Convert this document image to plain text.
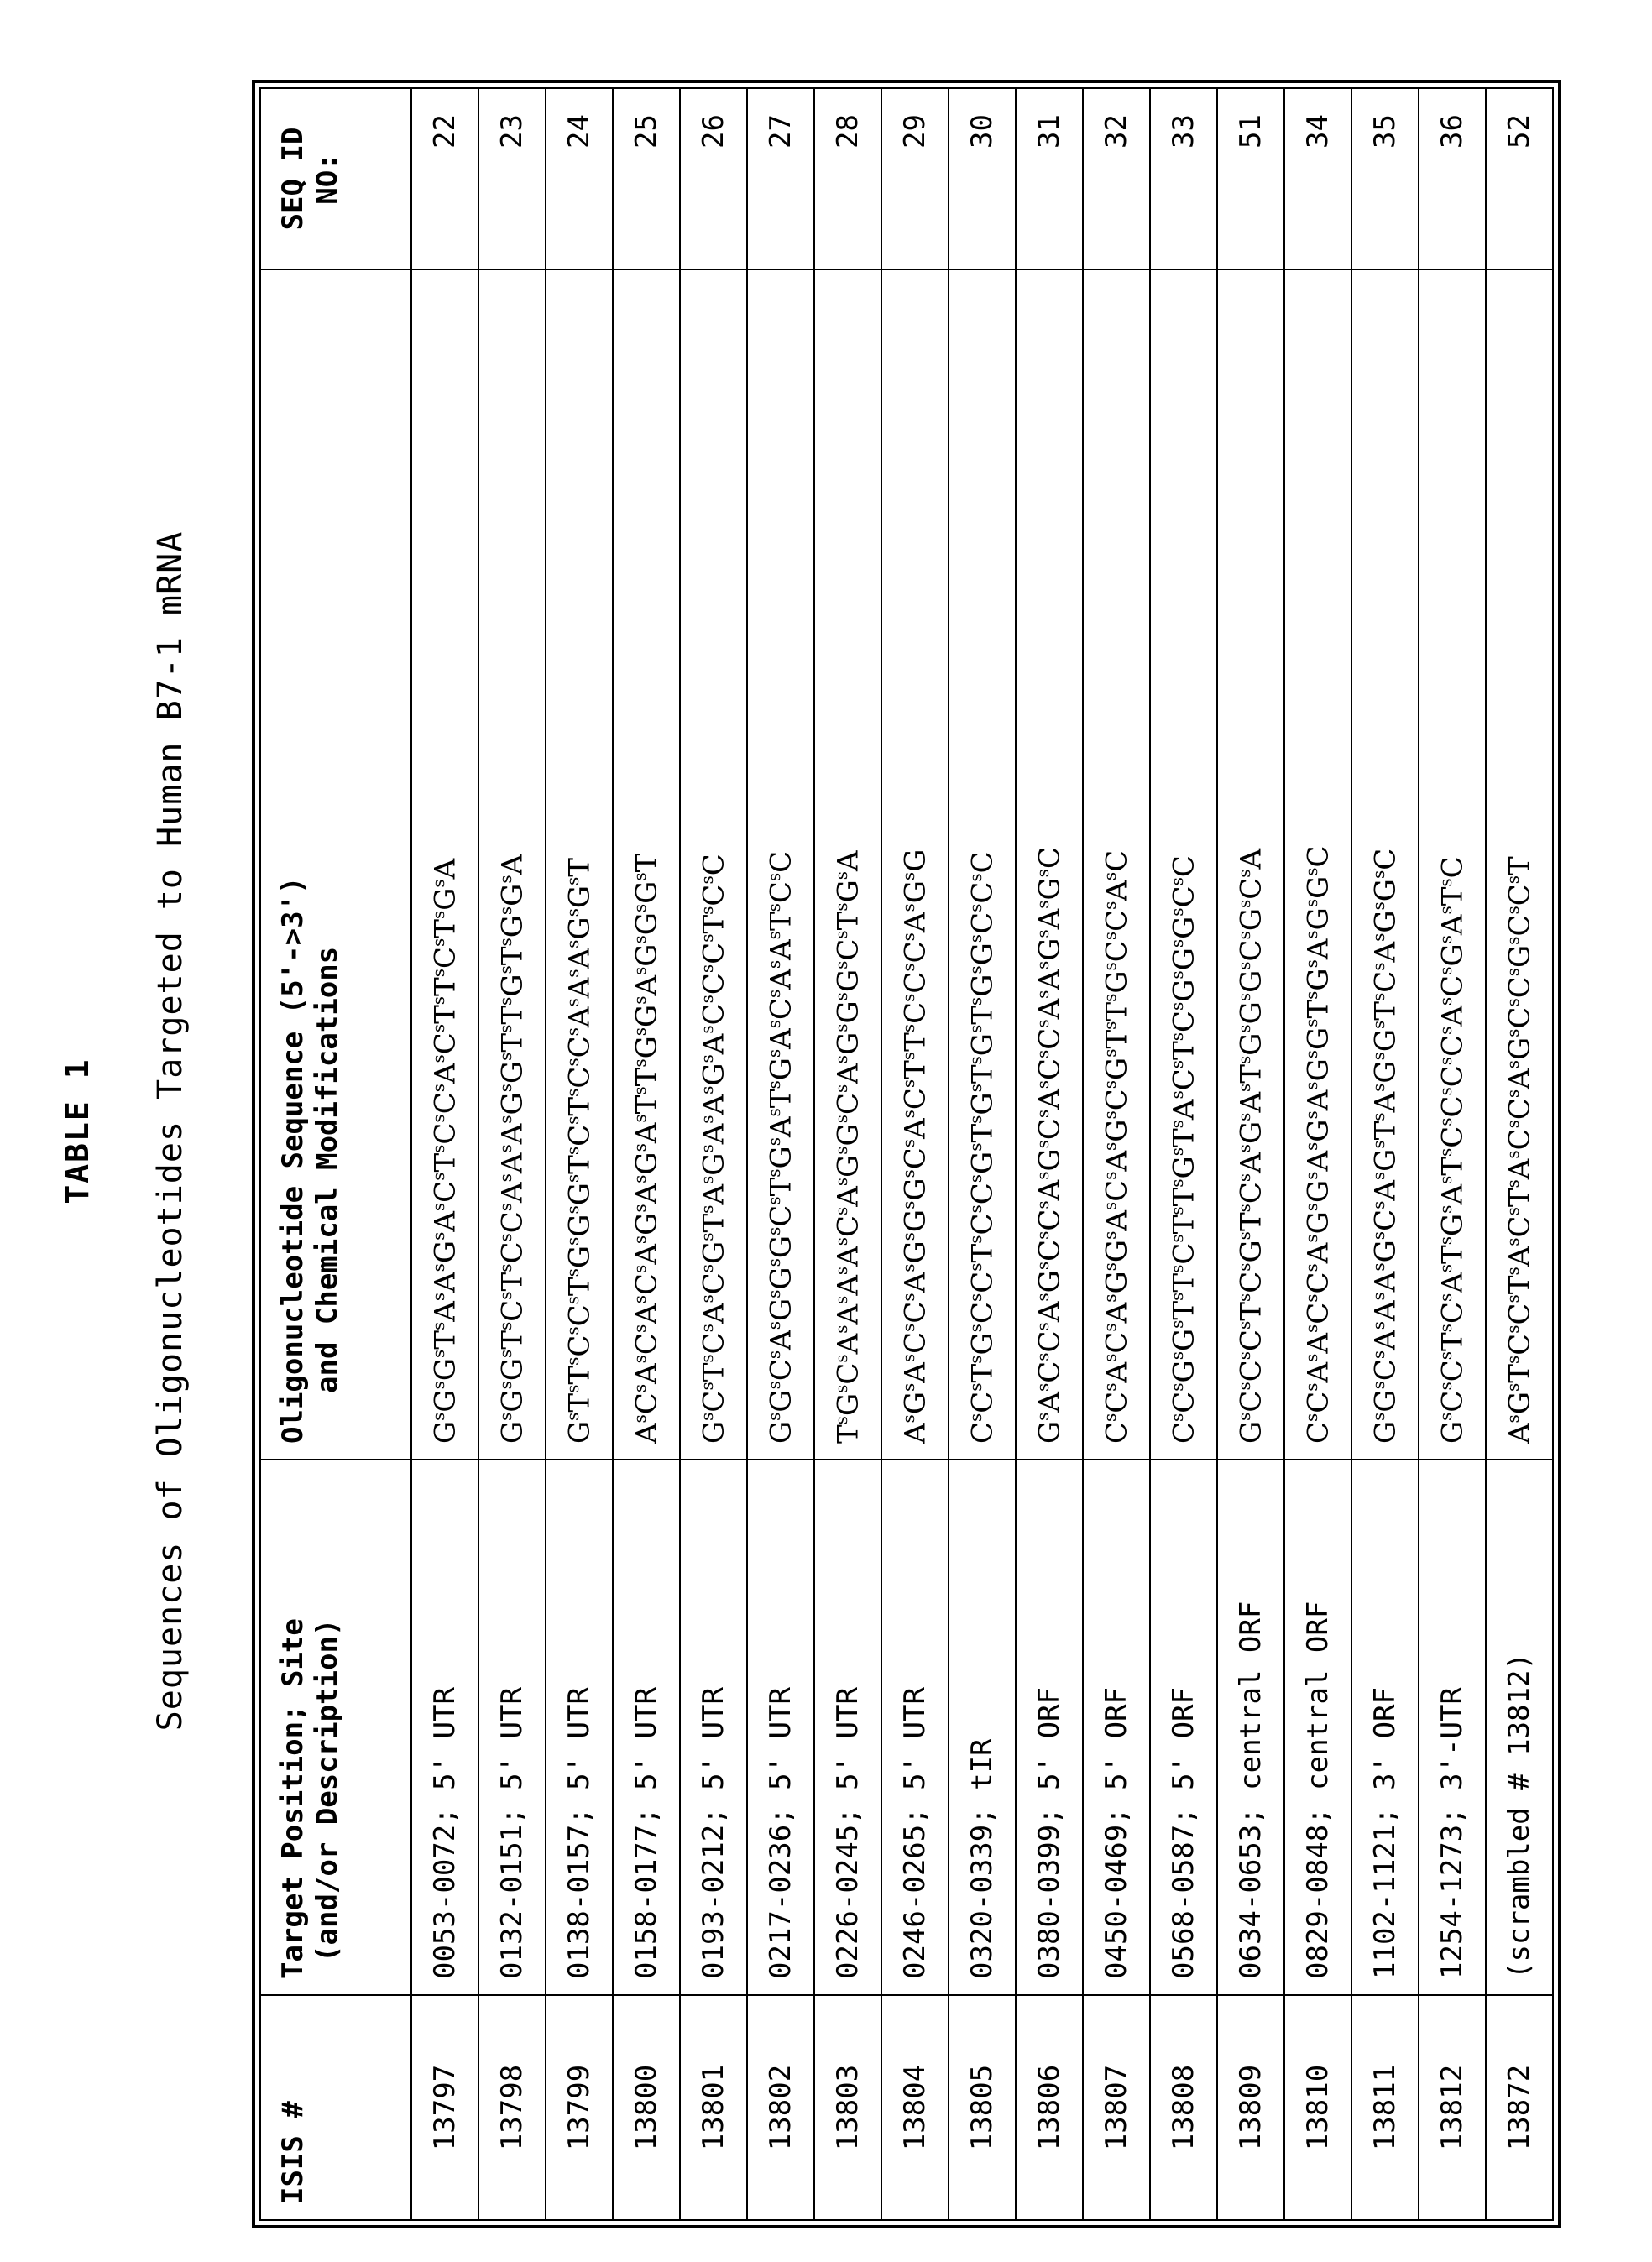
TABLE 1 Sequences of Oligonucleotides Targeted to Human B7-1 mRNA
ISIS #	
Target Position; Site (and/or Description)

Oligonucleotide Sequence (5'->3') and Chemical Modifications

SEQ ID NO:

13797	0053-0072; 5' UTR	$G^sG^sG^sT^sA^sA^sG^sA^sC^sT^sC^sC^sA^sC^sT^sT^sC^sT^sG^sA$	22
13798	0132-0151; 5' UTR	$G^sG^sG^sT^sC^sT^sC^sC^sA^sA^sA^sG^sG^sT^sT^sG^sT^sG^sG^sA$	23
13799	0138-0157; 5' UTR	$G^sT^sT^sC^sC^sT^sG^sG^sG^sT^sC^sT^sC^sC^sA^sA^sA^sG^sG^sT$	24
13800	0158-0177; 5' UTR	$A^sC^sA^sC^sA^sC^sA^sG^sA^sG^sA^sT^sT^sG^sG^sA^sG^sG^sG^sT$	25
13801	0193-0212; 5' UTR	$G^sC^sT^sC^sA^sC^sG^sT^sA^sG^sA^sA^sG^sA^sC^sC^sC^sT^sC^sC$	26
13802	0217-0236; 5' UTR	$G^sG^sC^sA^sG^sG^sG^sC^sT^sG^sA^sT^sG^sA^sC^sA^sA^sT^sC^sC$	27
13803	0226-0245; 5' UTR	$T^sG^sC^sA^sA^sA^sA^sC^sA^sG^sG^sC^sA^sG^sG^sG^sC^sT^sG^sA$	28
13804	0246-0265; 5' UTR	$A^sG^sA^sC^sC^sA^sG^sG^sG^sC^sA^sC^sT^sT^sC^sC^sC^sA^sG^sG$	29
13805	0320-0339; tIR	$C^sC^sT^sG^sC^sC^sT^sC^sC^sG^sT^sG^sT^sG^sT^sG^sG^sC^sC^sC$	30
13806	0380-0399; 5' ORF	$G^sA^sC^sC^sA^sG^sC^sC^sA^sG^sC^sA^sC^sC^sA^sA^sG^sA^sG^sC$	31
13807	0450-0469; 5' ORF	$C^sC^sA^sC^sA^sG^sG^sA^sC^sA^sG^sC^sG^sT^sT^sG^sC^sC^sA^sC$	32
13808	0568-0587; 5' ORF	$C^sC^sG^sG^sT^sT^sC^sT^sT^sG^sT^sA^sC^sT^sC^sG^sG^sG^sC^sC$	33
13809	0634-0653; central ORF	$G^sC^sC^sC^sT^sC^sG^sT^sC^sA^sG^sA^sT^sG^sG^sG^sC^sG^sC^sA$	51
13810	0829-0848; central ORF	$C^sC^sA^sA^sC^sC^sA^sG^sG^sA^sG^sA^sG^sG^sT^sG^sA^sG^sG^sC$	34
13811	1102-1121; 3' ORF	$G^sG^sC^sA^sA^sA^sG^sC^sA^sG^sT^sA^sG^sG^sT^sC^sA^sG^sG^sC$	35
13812	1254-1273; 3'-UTR	$G^sC^sC^sT^sC^sA^sT^sG^sA^sT^sC^sC^sC^sC^sA^sC^sG^sA^sT^sC$	36
13872	(scrambled # 13812)	$A^sG^sT^sC^sC^sT^sA^sC^sT^sA^sC^sC^sA^sG^sC^sC^sG^sC^sC^sT$	52
